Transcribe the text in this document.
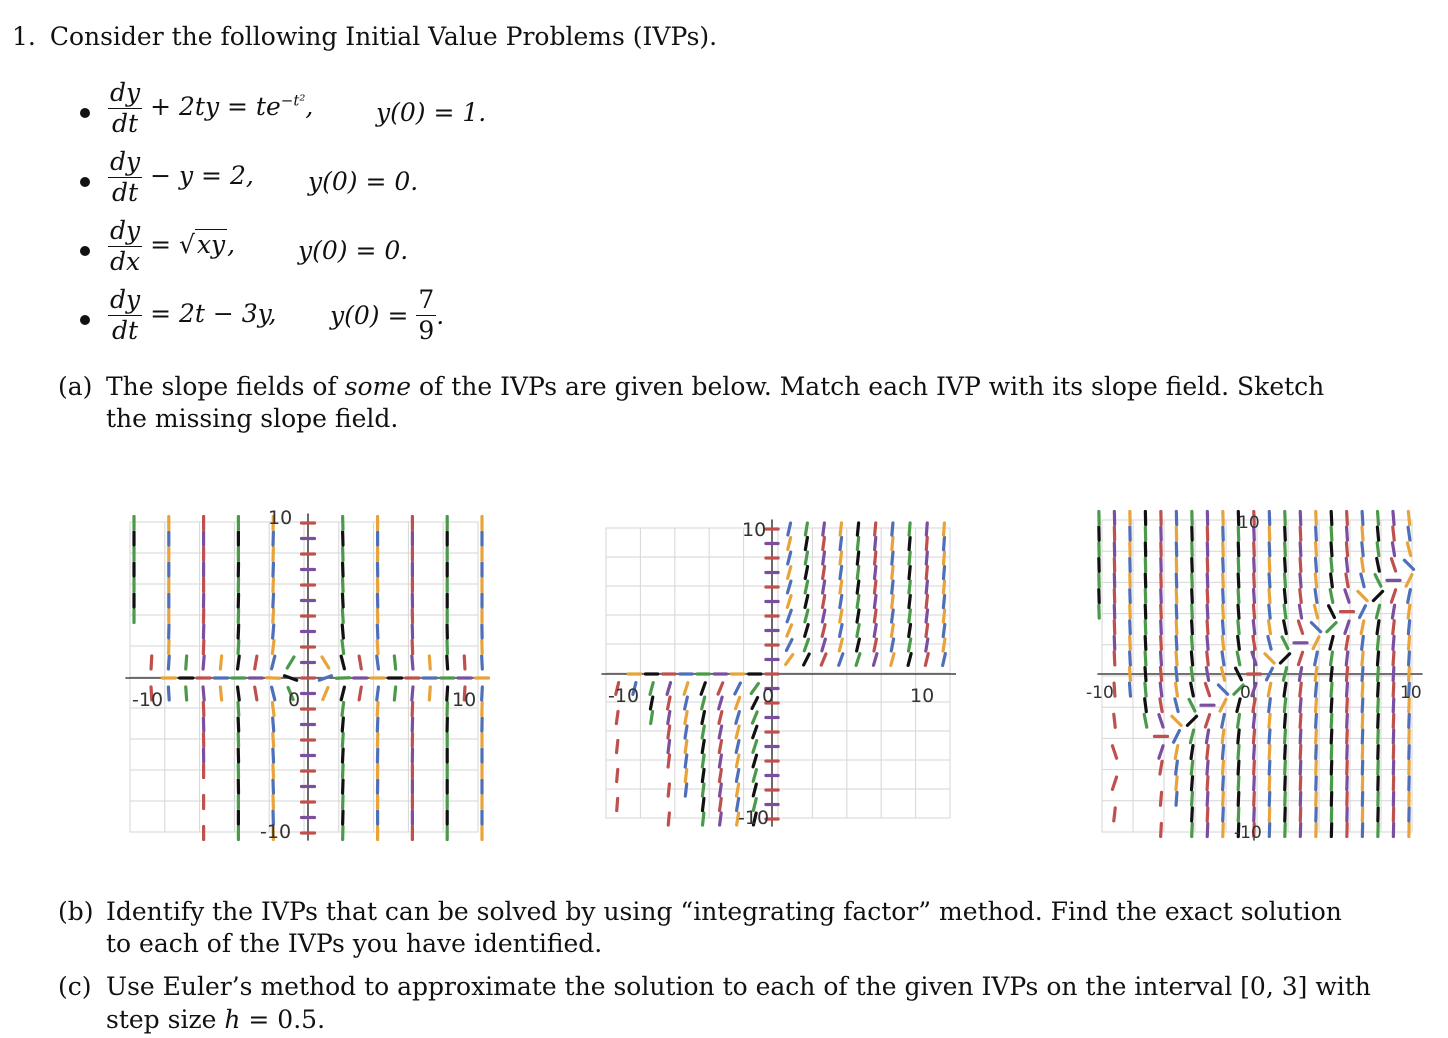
1. Consider the following Initial Value Problems (IVPs).
$\frac{dy}{dt} + 2ty = te^{-t^2}$,	y(0) = 1.
$\frac{dy}{dt} - y = 2$, y(0) = 0.
$\frac{dy}{dx} = √xy$,	y(0) = 0.
$\frac{dy}{dt} = 2t - 3y$, $y(0) = \frac{7}{9}$ .
(a) The slope fields of some of the IVPs are given below. Match each IVP with its slope field. Sketch
the missing slope field.
10
-10
-10	10
0
10
-10
-10	10
0
10
-10
-10	10
0
(b) Identify the IVPs that can be solved by using “integrating factor” method. Find the exact solution
to each of the IVPs you have identified.
(c) Use Euler’s method to approximate the solution to each of the given IVPs on the interval [0, 3] with
step size h = 0.5.
